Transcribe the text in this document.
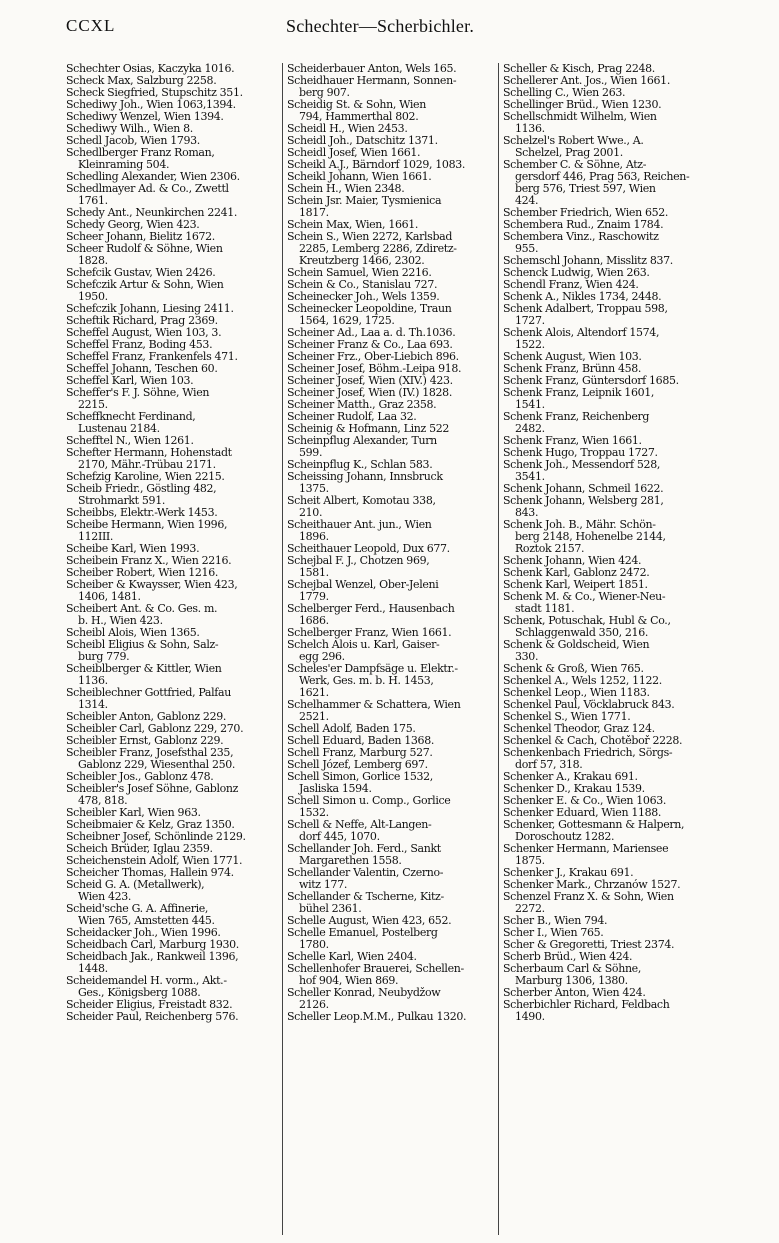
CCXL	Schechter—Scherbichler.
Schechter Osias, Kaczyka 1016.
Scheck Max, Salzburg 2258.
Scheck Siegfried, Stupschitz 351.
Schediwy Joh., Wien 1063,1394.
Schediwy Wenzel, Wien 1394.
Schediwy Wilh., Wien 8.
Schedl Jacob, Wien 1793.
Schedlberger Franz Roman,
Kleinraming 504.
Schedling Alexander, Wien 2306.
Schedlmayer Ad. & Co., Zwettl
1761.
Schedy Ant., Neunkirchen 2241.
Schedy Georg, Wien 423.
Scheer Johann, Bielitz 1672.
Scheer Rudolf & Söhne, Wien
1828.
Schefcik Gustav, Wien 2426.
Schefczik Artur & Sohn, Wien
1950.
Schefczik Johann, Liesing 2411.
Scheftik Richard, Prag 2369.
Scheffel August, Wien 103, 3.
Scheffel Franz, Boding 453.
Scheffel Franz, Frankenfels 471.
Scheffel Johann, Teschen 60.
Scheffel Karl, Wien 103.
Scheffer's F. J. Söhne, Wien
2215.
Scheffknecht Ferdinand,
Lustenau 2184.
Schefftel N., Wien 1261.
Schefter Hermann, Hohenstadt
2170, Mähr.-Trübau 2171.
Schefzig Karoline, Wien 2215.
Scheib Friedr., Göstling 482,
Strohmarkt 591.
Scheibbs, Elektr.-Werk 1453.
Scheibe Hermann, Wien 1996,
112III.
Scheibe Karl, Wien 1993.
Scheibein Franz X., Wien 2216.
Scheiber Robert, Wien 1216.
Scheiber & Kwaysser, Wien 423,
1406, 1481.
Scheibert Ant. & Co. Ges. m.
b. H., Wien 423.
Scheibl Alois, Wien 1365.
Scheibl Eligius & Sohn, Salz-
burg 779.
Scheiblberger & Kittler, Wien
1136.
Scheiblechner Gottfried, Palfau
1314.
Scheibler Anton, Gablonz 229.
Scheibler Carl, Gablonz 229, 270.
Scheibler Ernst, Gablonz 229.
Scheibler Franz, Josefsthal 235,
Gablonz 229, Wiesenthal 250.
Scheibler Jos., Gablonz 478.
Scheibler's Josef Söhne, Gablonz
478, 818.
Scheibler Karl, Wien 963.
Scheibmaier & Kelz, Graz 1350.
Scheibner Josef, Schönlinde 2129.
Scheich Brüder, Iglau 2359.
Scheichenstein Adolf, Wien 1771.
Scheicher Thomas, Hallein 974.
Scheid G. A. (Metallwerk),
Wien 423.
Scheid'sche G. A. Affinerie,
Wien 765, Amstetten 445.
Scheidacker Joh., Wien 1996.
Scheidbach Carl, Marburg 1930.
Scheidbach Jak., Rankweil 1396,
1448.
Scheidemandel H. vorm., Akt.-
Ges., Königsberg 1088.
Scheider Eligius, Freistadt 832.
Scheider Paul, Reichenberg 576.
Scheiderbauer Anton, Wels 165.
Scheidhauer Hermann, Sonnen-
berg 907.
Scheidig St. & Sohn, Wien
794, Hammerthal 802.
Scheidl H., Wien 2453.
Scheidl Joh., Datschitz 1371.
Scheidl Josef, Wien 1661.
Scheikl A.J., Bärndorf 1029, 1083.
Scheikl Johann, Wien 1661.
Schein H., Wien 2348.
Schein Jsr. Maier, Tysmienica
1817.
Schein Max, Wien, 1661.
Schein S., Wien 2272, Karlsbad
2285, Lemberg 2286, Zdiretz-
Kreutzberg 1466, 2302.
Schein Samuel, Wien 2216.
Schein & Co., Stanislau 727.
Scheinecker Joh., Wels 1359.
Scheinecker Leopoldine, Traun
1564, 1629, 1725.
Scheiner Ad., Laa a. d. Th.1036.
Scheiner Franz & Co., Laa 693.
Scheiner Frz., Ober-Liebich 896.
Scheiner Josef, Böhm.-Leipa 918.
Scheiner Josef, Wien (XIV.) 423.
Scheiner Josef, Wien (IV.) 1828.
Scheiner Matth., Graz 2358.
Scheiner Rudolf, Laa 32.
Scheinig & Hofmann, Linz 522
Scheinpflug Alexander, Turn
599.
Scheinpflug K., Schlan 583.
Scheissing Johann, Innsbruck
1375.
Scheit Albert, Komotau 338,
210.
Scheithauer Ant. jun., Wien
1896.
Scheithauer Leopold, Dux 677.
Schejbal F. J., Chotzen 969,
1581.
Schejbal Wenzel, Ober-Jeleni
1779.
Schelberger Ferd., Hausenbach
1686.
Schelberger Franz, Wien 1661.
Schelch Alois u. Karl, Gaiser-
egg 296.
Scheles'er Dampfsäge u. Elektr.-
Werk, Ges. m. b. H. 1453,
1621.
Schelhammer & Schattera, Wien
2521.
Schell Adolf, Baden 175.
Schell Eduard, Baden 1368.
Schell Franz, Marburg 527.
Schell Józef, Lemberg 697.
Schell Simon, Gorlice 1532,
Jasliska 1594.
Schell Simon u. Comp., Gorlice
1532.
Schell & Neffe, Alt-Langen-
dorf 445, 1070.
Schellander Joh. Ferd., Sankt
Margarethen 1558.
Schellander Valentin, Czerno-
witz 177.
Schellander & Tscherne, Kitz-
bühel 2361.
Schelle August, Wien 423, 652.
Schelle Emanuel, Postelberg
1780.
Schelle Karl, Wien 2404.
Schellenhofer Brauerei, Schellen-
hof 904, Wien 869.
Scheller Konrad, Neubydžow
2126.
Scheller Leop.M.M., Pulkau 1320.
Scheller & Kisch, Prag 2248.
Schellerer Ant. Jos., Wien 1661.
Schelling C., Wien 263.
Schellinger Brüd., Wien 1230.
Schellschmidt Wilhelm, Wien
1136.
Schelzel's Robert Wwe., A.
Schelzel, Prag 2001.
Schember C. & Söhne, Atz-
gersdorf 446, Prag 563, Reichen-
berg 576, Triest 597, Wien
424.
Schember Friedrich, Wien 652.
Schembera Rud., Znaim 1784.
Schembera Vinz., Raschowitz
955.
Schemschl Johann, Misslitz 837.
Schenck Ludwig, Wien 263.
Schendl Franz, Wien 424.
Schenk A., Nikles 1734, 2448.
Schenk Adalbert, Troppau 598,
1727.
Schenk Alois, Altendorf 1574,
1522.
Schenk August, Wien 103.
Schenk Franz, Brünn 458.
Schenk Franz, Güntersdorf 1685.
Schenk Franz, Leipnik 1601,
1541.
Schenk Franz, Reichenberg
2482.
Schenk Franz, Wien 1661.
Schenk Hugo, Troppau 1727.
Schenk Joh., Messendorf 528,
3541.
Schenk Johann, Schmeil 1622.
Schenk Johann, Welsberg 281,
843.
Schenk Joh. B., Mähr. Schön-
berg 2148, Hohenelbe 2144,
Roztok 2157.
Schenk Johann, Wien 424.
Schenk Karl, Gablonz 2472.
Schenk Karl, Weipert 1851.
Schenk M. & Co., Wiener-Neu-
stadt 1181.
Schenk, Potuschak, Hubl & Co.,
Schlaggenwald 350, 216.
Schenk & Goldscheid, Wien
330.
Schenk & Groß, Wien 765.
Schenkel A., Wels 1252, 1122.
Schenkel Leop., Wien 1183.
Schenkel Paul, Vöcklabruck 843.
Schenkel S., Wien 1771.
Schenkel Theodor, Graz 124.
Schenkel & Cach, Chotěboř 2228.
Schenkenbach Friedrich, Sörgs-
dorf 57, 318.
Schenker A., Krakau 691.
Schenker D., Krakau 1539.
Schenker E. & Co., Wien 1063.
Schenker Eduard, Wien 1188.
Schenker, Gottesmann & Halpern,
Doroschoutz 1282.
Schenker Hermann, Mariensee
1875.
Schenker J., Krakau 691.
Schenker Mark., Chrzanów 1527.
Schenzel Franz X. & Sohn, Wien
2272.
Scher B., Wien 794.
Scher I., Wien 765.
Scher & Gregoretti, Triest 2374.
Scherb Brüd., Wien 424.
Scherbaum Carl & Söhne,
Marburg 1306, 1380.
Scherber Anton, Wien 424.
Scherbichler Richard, Feldbach
1490.
